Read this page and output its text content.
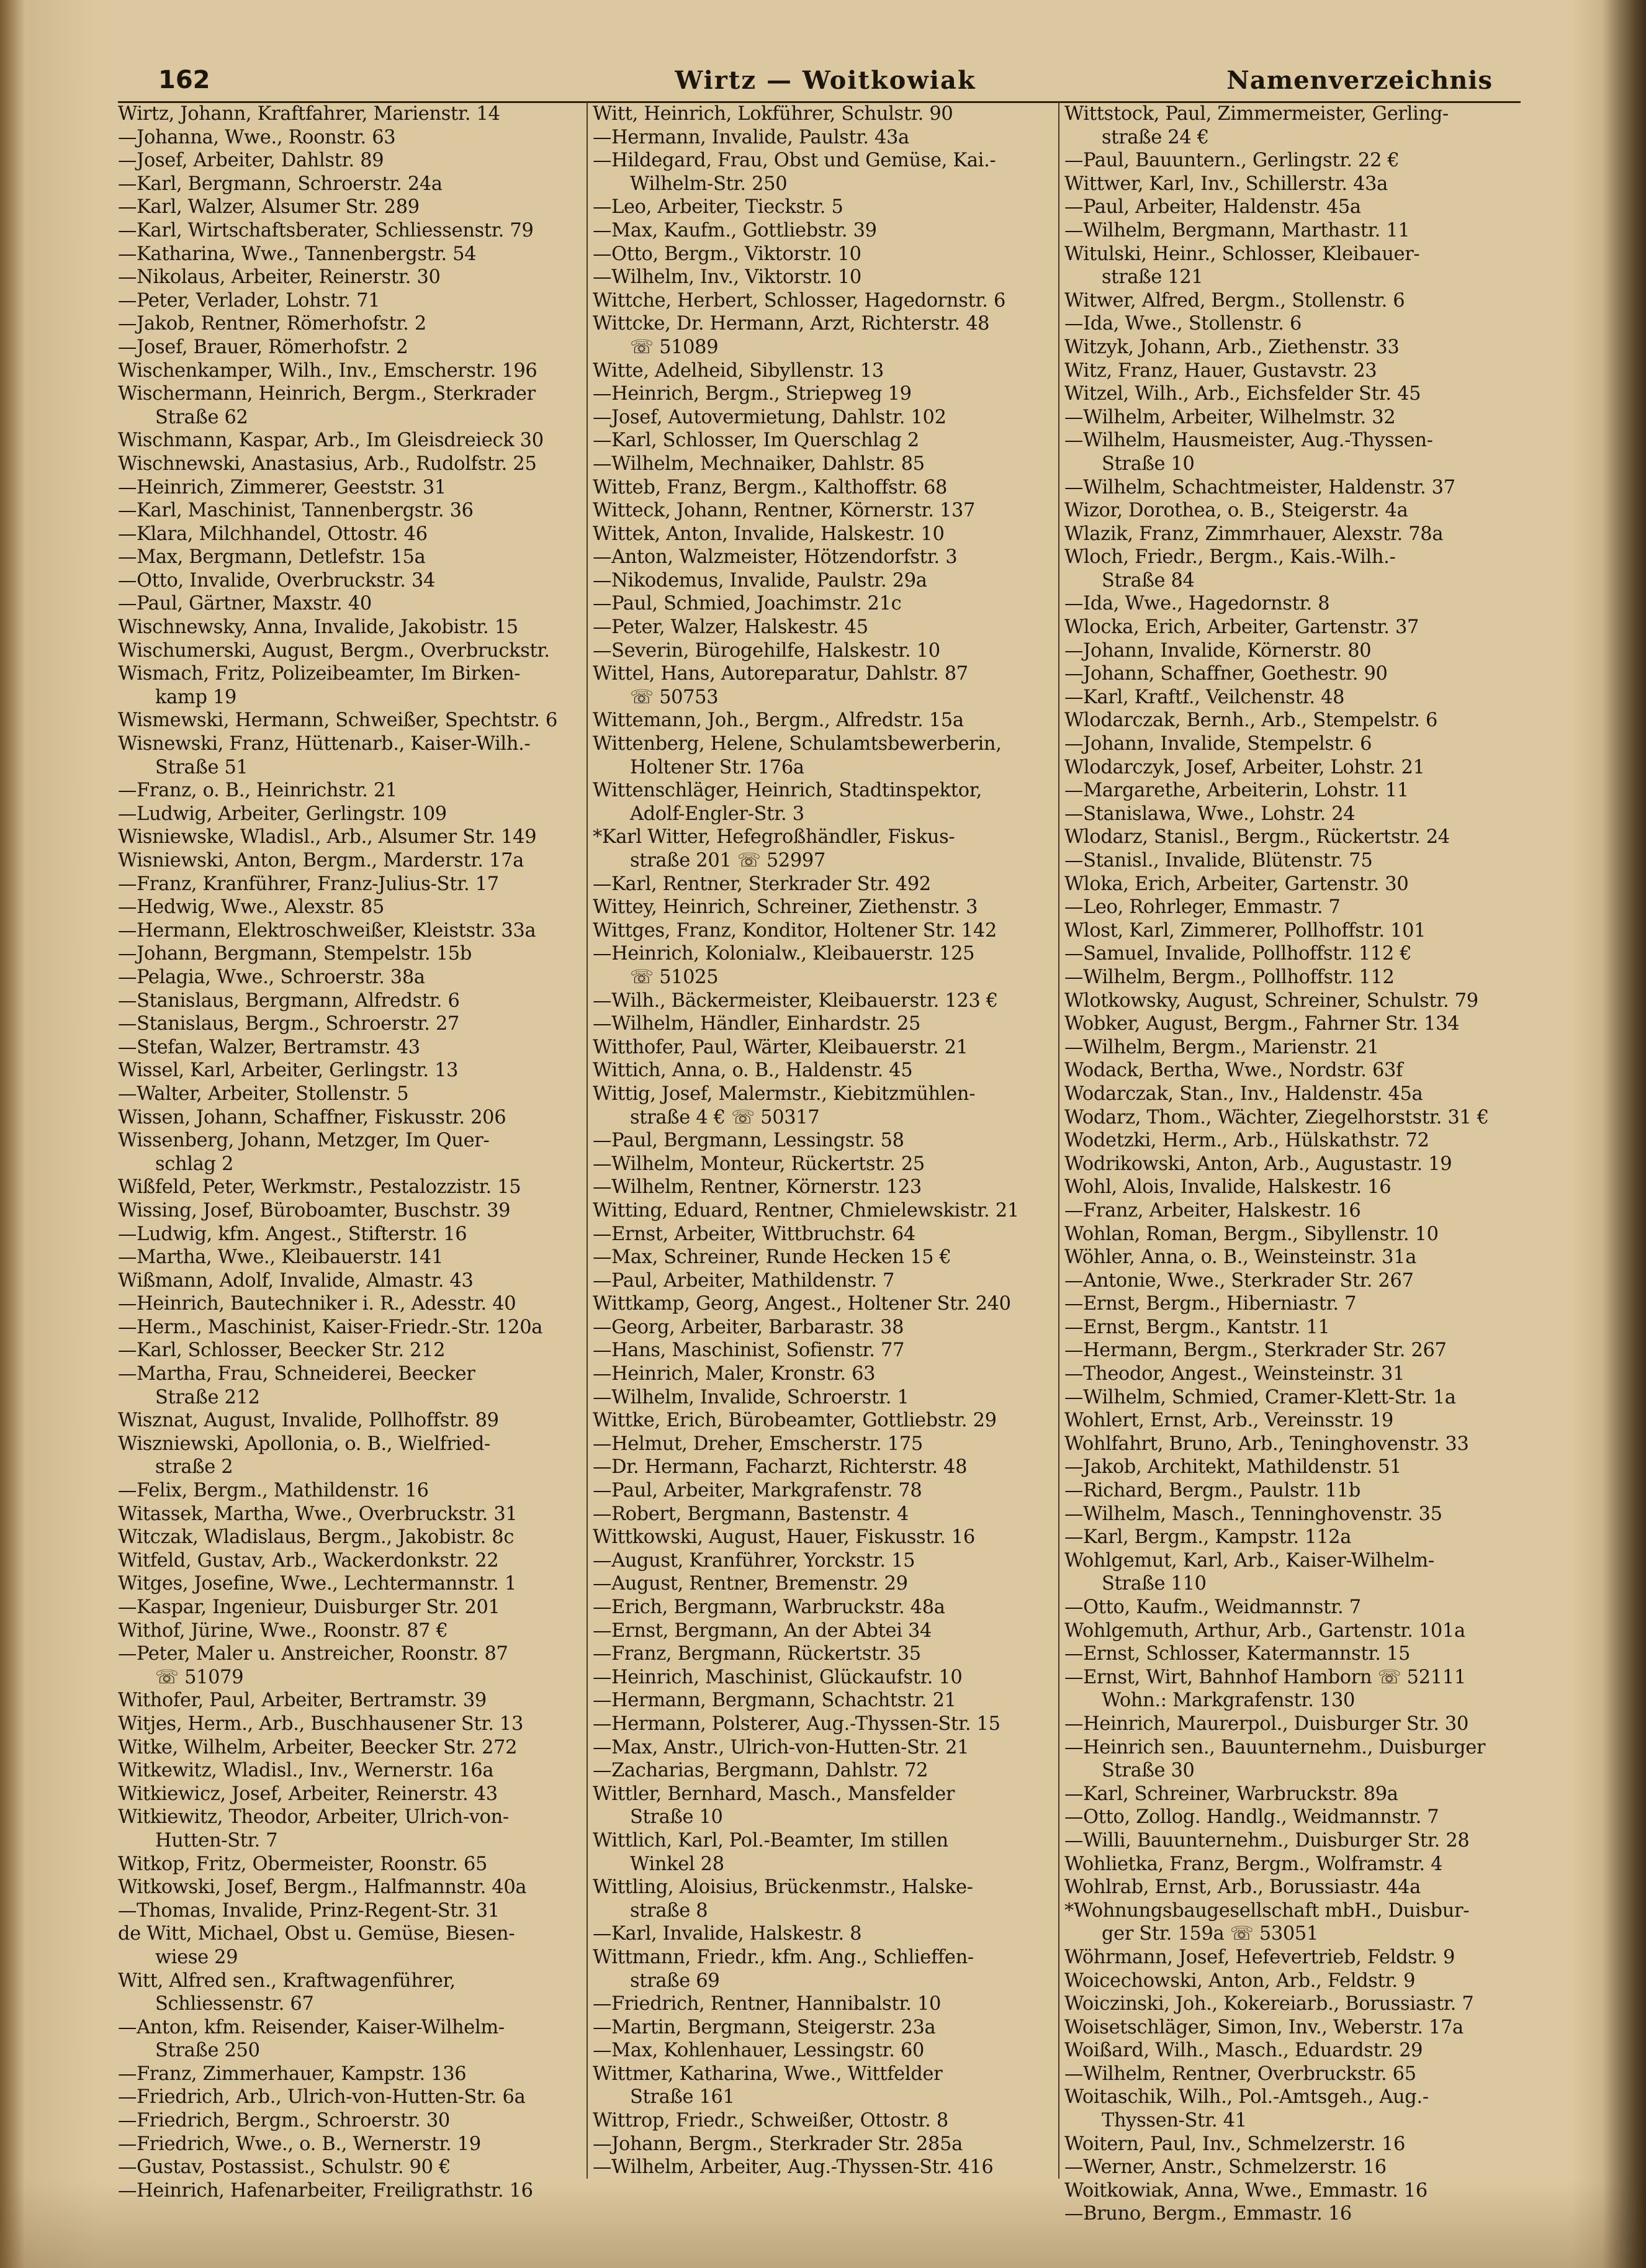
162	Wirtz — Woitkowiak	Namenverzeichnis
Wirtz, Johann, Kraftfahrer, Marienstr. 14
—Johanna, Wwe., Roonstr. 63
—Josef, Arbeiter, Dahlstr. 89
—Karl, Bergmann, Schroerstr. 24a
—Karl, Walzer, Alsumer Str. 289
—Karl, Wirtschaftsberater, Schliessenstr. 79
—Katharina, Wwe., Tannenbergstr. 54
—Nikolaus, Arbeiter, Reinerstr. 30
—Peter, Verlader, Lohstr. 71
—Jakob, Rentner, Römerhofstr. 2
—Josef, Brauer, Römerhofstr. 2
Wischenkamper, Wilh., Inv., Emscherstr. 196
Wischermann, Heinrich, Bergm., Sterkrader
Straße 62
Wischmann, Kaspar, Arb., Im Gleisdreieck 30
Wischnewski, Anastasius, Arb., Rudolfstr. 25
—Heinrich, Zimmerer, Geeststr. 31
—Karl, Maschinist, Tannenbergstr. 36
—Klara, Milchhandel, Ottostr. 46
—Max, Bergmann, Detlefstr. 15a
—Otto, Invalide, Overbruckstr. 34
—Paul, Gärtner, Maxstr. 40
Wischnewsky, Anna, Invalide, Jakobistr. 15
Wischumerski, August, Bergm., Overbruckstr.
Wismach, Fritz, Polizeibeamter, Im Birken-
kamp 19
Wismewski, Hermann, Schweißer, Spechtstr. 6
Wisnewski, Franz, Hüttenarb., Kaiser-Wilh.-
Straße 51
—Franz, o. B., Heinrichstr. 21
—Ludwig, Arbeiter, Gerlingstr. 109
Wisniewske, Wladisl., Arb., Alsumer Str. 149
Wisniewski, Anton, Bergm., Marderstr. 17a
—Franz, Kranführer, Franz-Julius-Str. 17
—Hedwig, Wwe., Alexstr. 85
—Hermann, Elektroschweißer, Kleiststr. 33a
—Johann, Bergmann, Stempelstr. 15b
—Pelagia, Wwe., Schroerstr. 38a
—Stanislaus, Bergmann, Alfredstr. 6
—Stanislaus, Bergm., Schroerstr. 27
—Stefan, Walzer, Bertramstr. 43
Wissel, Karl, Arbeiter, Gerlingstr. 13
—Walter, Arbeiter, Stollenstr. 5
Wissen, Johann, Schaffner, Fiskusstr. 206
Wissenberg, Johann, Metzger, Im Quer-
schlag 2
Wißfeld, Peter, Werkmstr., Pestalozzistr. 15
Wissing, Josef, Büroboamter, Buschstr. 39
—Ludwig, kfm. Angest., Stifterstr. 16
—Martha, Wwe., Kleibauerstr. 141
Wißmann, Adolf, Invalide, Almastr. 43
—Heinrich, Bautechniker i. R., Adesstr. 40
—Herm., Maschinist, Kaiser-Friedr.-Str. 120a
—Karl, Schlosser, Beecker Str. 212
—Martha, Frau, Schneiderei, Beecker
Straße 212
Wisznat, August, Invalide, Pollhoffstr. 89
Wiszniewski, Apollonia, o. B., Wielfried-
straße 2
—Felix, Bergm., Mathildenstr. 16
Witassek, Martha, Wwe., Overbruckstr. 31
Witczak, Wladislaus, Bergm., Jakobistr. 8c
Witfeld, Gustav, Arb., Wackerdonkstr. 22
Witges, Josefine, Wwe., Lechtermannstr. 1
—Kaspar, Ingenieur, Duisburger Str. 201
Withof, Jürine, Wwe., Roonstr. 87 €
—Peter, Maler u. Anstreicher, Roonstr. 87
☏ 51079
Withofer, Paul, Arbeiter, Bertramstr. 39
Witjes, Herm., Arb., Buschhausener Str. 13
Witke, Wilhelm, Arbeiter, Beecker Str. 272
Witkewitz, Wladisl., Inv., Wernerstr. 16a
Witkiewicz, Josef, Arbeiter, Reinerstr. 43
Witkiewitz, Theodor, Arbeiter, Ulrich-von-
Hutten-Str. 7
Witkop, Fritz, Obermeister, Roonstr. 65
Witkowski, Josef, Bergm., Halfmannstr. 40a
—Thomas, Invalide, Prinz-Regent-Str. 31
de Witt, Michael, Obst u. Gemüse, Biesen-
wiese 29
Witt, Alfred sen., Kraftwagenführer,
Schliessenstr. 67
—Anton, kfm. Reisender, Kaiser-Wilhelm-
Straße 250
—Franz, Zimmerhauer, Kampstr. 136
—Friedrich, Arb., Ulrich-von-Hutten-Str. 6a
—Friedrich, Bergm., Schroerstr. 30
—Friedrich, Wwe., o. B., Wernerstr. 19
—Gustav, Postassist., Schulstr. 90 €
—Heinrich, Hafenarbeiter, Freiligrathstr. 16
Witt, Heinrich, Lokführer, Schulstr. 90
—Hermann, Invalide, Paulstr. 43a
—Hildegard, Frau, Obst und Gemüse, Kai.-
Wilhelm-Str. 250
—Leo, Arbeiter, Tieckstr. 5
—Max, Kaufm., Gottliebstr. 39
—Otto, Bergm., Viktorstr. 10
—Wilhelm, Inv., Viktorstr. 10
Wittche, Herbert, Schlosser, Hagedornstr. 6
Wittcke, Dr. Hermann, Arzt, Richterstr. 48
☏ 51089
Witte, Adelheid, Sibyllenstr. 13
—Heinrich, Bergm., Striepweg 19
—Josef, Autovermietung, Dahlstr. 102
—Karl, Schlosser, Im Querschlag 2
—Wilhelm, Mechnaiker, Dahlstr. 85
Witteb, Franz, Bergm., Kalthoffstr. 68
Witteck, Johann, Rentner, Körnerstr. 137
Wittek, Anton, Invalide, Halskestr. 10
—Anton, Walzmeister, Hötzendorfstr. 3
—Nikodemus, Invalide, Paulstr. 29a
—Paul, Schmied, Joachimstr. 21c
—Peter, Walzer, Halskestr. 45
—Severin, Bürogehilfe, Halskestr. 10
Wittel, Hans, Autoreparatur, Dahlstr. 87
☏ 50753
Wittemann, Joh., Bergm., Alfredstr. 15a
Wittenberg, Helene, Schulamtsbewerberin,
Holtener Str. 176a
Wittenschläger, Heinrich, Stadtinspektor,
Adolf-Engler-Str. 3
*Karl Witter, Hefegroßhändler, Fiskus-
straße 201 ☏ 52997
—Karl, Rentner, Sterkrader Str. 492
Wittey, Heinrich, Schreiner, Ziethenstr. 3
Wittges, Franz, Konditor, Holtener Str. 142
—Heinrich, Kolonialw., Kleibauerstr. 125
☏ 51025
—Wilh., Bäckermeister, Kleibauerstr. 123 €
—Wilhelm, Händler, Einhardstr. 25
Witthofer, Paul, Wärter, Kleibauerstr. 21
Wittich, Anna, o. B., Haldenstr. 45
Wittig, Josef, Malermstr., Kiebitzmühlen-
straße 4 € ☏ 50317
—Paul, Bergmann, Lessingstr. 58
—Wilhelm, Monteur, Rückertstr. 25
—Wilhelm, Rentner, Körnerstr. 123
Witting, Eduard, Rentner, Chmielewskistr. 21
—Ernst, Arbeiter, Wittbruchstr. 64
—Max, Schreiner, Runde Hecken 15 €
—Paul, Arbeiter, Mathildenstr. 7
Wittkamp, Georg, Angest., Holtener Str. 240
—Georg, Arbeiter, Barbarastr. 38
—Hans, Maschinist, Sofienstr. 77
—Heinrich, Maler, Kronstr. 63
—Wilhelm, Invalide, Schroerstr. 1
Wittke, Erich, Bürobeamter, Gottliebstr. 29
—Helmut, Dreher, Emscherstr. 175
—Dr. Hermann, Facharzt, Richterstr. 48
—Paul, Arbeiter, Markgrafenstr. 78
—Robert, Bergmann, Bastenstr. 4
Wittkowski, August, Hauer, Fiskusstr. 16
—August, Kranführer, Yorckstr. 15
—August, Rentner, Bremenstr. 29
—Erich, Bergmann, Warbruckstr. 48a
—Ernst, Bergmann, An der Abtei 34
—Franz, Bergmann, Rückertstr. 35
—Heinrich, Maschinist, Glückaufstr. 10
—Hermann, Bergmann, Schachtstr. 21
—Hermann, Polsterer, Aug.-Thyssen-Str. 15
—Max, Anstr., Ulrich-von-Hutten-Str. 21
—Zacharias, Bergmann, Dahlstr. 72
Wittler, Bernhard, Masch., Mansfelder
Straße 10
Wittlich, Karl, Pol.-Beamter, Im stillen
Winkel 28
Wittling, Aloisius, Brückenmstr., Halske-
straße 8
—Karl, Invalide, Halskestr. 8
Wittmann, Friedr., kfm. Ang., Schlieffen-
straße 69
—Friedrich, Rentner, Hannibalstr. 10
—Martin, Bergmann, Steigerstr. 23a
—Max, Kohlenhauer, Lessingstr. 60
Wittmer, Katharina, Wwe., Wittfelder
Straße 161
Wittrop, Friedr., Schweißer, Ottostr. 8
—Johann, Bergm., Sterkrader Str. 285a
—Wilhelm, Arbeiter, Aug.-Thyssen-Str. 416
Wittstock, Paul, Zimmermeister, Gerling-
straße 24 €
—Paul, Bauuntern., Gerlingstr. 22 €
Wittwer, Karl, Inv., Schillerstr. 43a
—Paul, Arbeiter, Haldenstr. 45a
—Wilhelm, Bergmann, Marthastr. 11
Witulski, Heinr., Schlosser, Kleibauer-
straße 121
Witwer, Alfred, Bergm., Stollenstr. 6
—Ida, Wwe., Stollenstr. 6
Witzyk, Johann, Arb., Ziethenstr. 33
Witz, Franz, Hauer, Gustavstr. 23
Witzel, Wilh., Arb., Eichsfelder Str. 45
—Wilhelm, Arbeiter, Wilhelmstr. 32
—Wilhelm, Hausmeister, Aug.-Thyssen-
Straße 10
—Wilhelm, Schachtmeister, Haldenstr. 37
Wizor, Dorothea, o. B., Steigerstr. 4a
Wlazik, Franz, Zimmrhauer, Alexstr. 78a
Wloch, Friedr., Bergm., Kais.-Wilh.-
Straße 84
—Ida, Wwe., Hagedornstr. 8
Wlocka, Erich, Arbeiter, Gartenstr. 37
—Johann, Invalide, Körnerstr. 80
—Johann, Schaffner, Goethestr. 90
—Karl, Kraftf., Veilchenstr. 48
Wlodarczak, Bernh., Arb., Stempelstr. 6
—Johann, Invalide, Stempelstr. 6
Wlodarczyk, Josef, Arbeiter, Lohstr. 21
—Margarethe, Arbeiterin, Lohstr. 11
—Stanislawa, Wwe., Lohstr. 24
Wlodarz, Stanisl., Bergm., Rückertstr. 24
—Stanisl., Invalide, Blütenstr. 75
Wloka, Erich, Arbeiter, Gartenstr. 30
—Leo, Rohrleger, Emmastr. 7
Wlost, Karl, Zimmerer, Pollhoffstr. 101
—Samuel, Invalide, Pollhoffstr. 112 €
—Wilhelm, Bergm., Pollhoffstr. 112
Wlotkowsky, August, Schreiner, Schulstr. 79
Wobker, August, Bergm., Fahrner Str. 134
—Wilhelm, Bergm., Marienstr. 21
Wodack, Bertha, Wwe., Nordstr. 63f
Wodarczak, Stan., Inv., Haldenstr. 45a
Wodarz, Thom., Wächter, Ziegelhorststr. 31 €
Wodetzki, Herm., Arb., Hülskathstr. 72
Wodrikowski, Anton, Arb., Augustastr. 19
Wohl, Alois, Invalide, Halskestr. 16
—Franz, Arbeiter, Halskestr. 16
Wohlan, Roman, Bergm., Sibyllenstr. 10
Wöhler, Anna, o. B., Weinsteinstr. 31a
—Antonie, Wwe., Sterkrader Str. 267
—Ernst, Bergm., Hiberniastr. 7
—Ernst, Bergm., Kantstr. 11
—Hermann, Bergm., Sterkrader Str. 267
—Theodor, Angest., Weinsteinstr. 31
—Wilhelm, Schmied, Cramer-Klett-Str. 1a
Wohlert, Ernst, Arb., Vereinsstr. 19
Wohlfahrt, Bruno, Arb., Teninghovenstr. 33
—Jakob, Architekt, Mathildenstr. 51
—Richard, Bergm., Paulstr. 11b
—Wilhelm, Masch., Tenninghovenstr. 35
—Karl, Bergm., Kampstr. 112a
Wohlgemut, Karl, Arb., Kaiser-Wilhelm-
Straße 110
—Otto, Kaufm., Weidmannstr. 7
Wohlgemuth, Arthur, Arb., Gartenstr. 101a
—Ernst, Schlosser, Katermannstr. 15
—Ernst, Wirt, Bahnhof Hamborn ☏ 52111
Wohn.: Markgrafenstr. 130
—Heinrich, Maurerpol., Duisburger Str. 30
—Heinrich sen., Bauunternehm., Duisburger
Straße 30
—Karl, Schreiner, Warbruckstr. 89a
—Otto, Zollog. Handlg., Weidmannstr. 7
—Willi, Bauunternehm., Duisburger Str. 28
Wohlietka, Franz, Bergm., Wolframstr. 4
Wohlrab, Ernst, Arb., Borussiastr. 44a
*Wohnungsbaugesellschaft mbH., Duisbur-
ger Str. 159a ☏ 53051
Wöhrmann, Josef, Hefevertrieb, Feldstr. 9
Woicechowski, Anton, Arb., Feldstr. 9
Woiczinski, Joh., Kokereiarb., Borussiastr. 7
Woisetschläger, Simon, Inv., Weberstr. 17a
Woißard, Wilh., Masch., Eduardstr. 29
—Wilhelm, Rentner, Overbruckstr. 65
Woitaschik, Wilh., Pol.-Amtsgeh., Aug.-
Thyssen-Str. 41
Woitern, Paul, Inv., Schmelzerstr. 16
—Werner, Anstr., Schmelzerstr. 16
Woitkowiak, Anna, Wwe., Emmastr. 16
—Bruno, Bergm., Emmastr. 16
